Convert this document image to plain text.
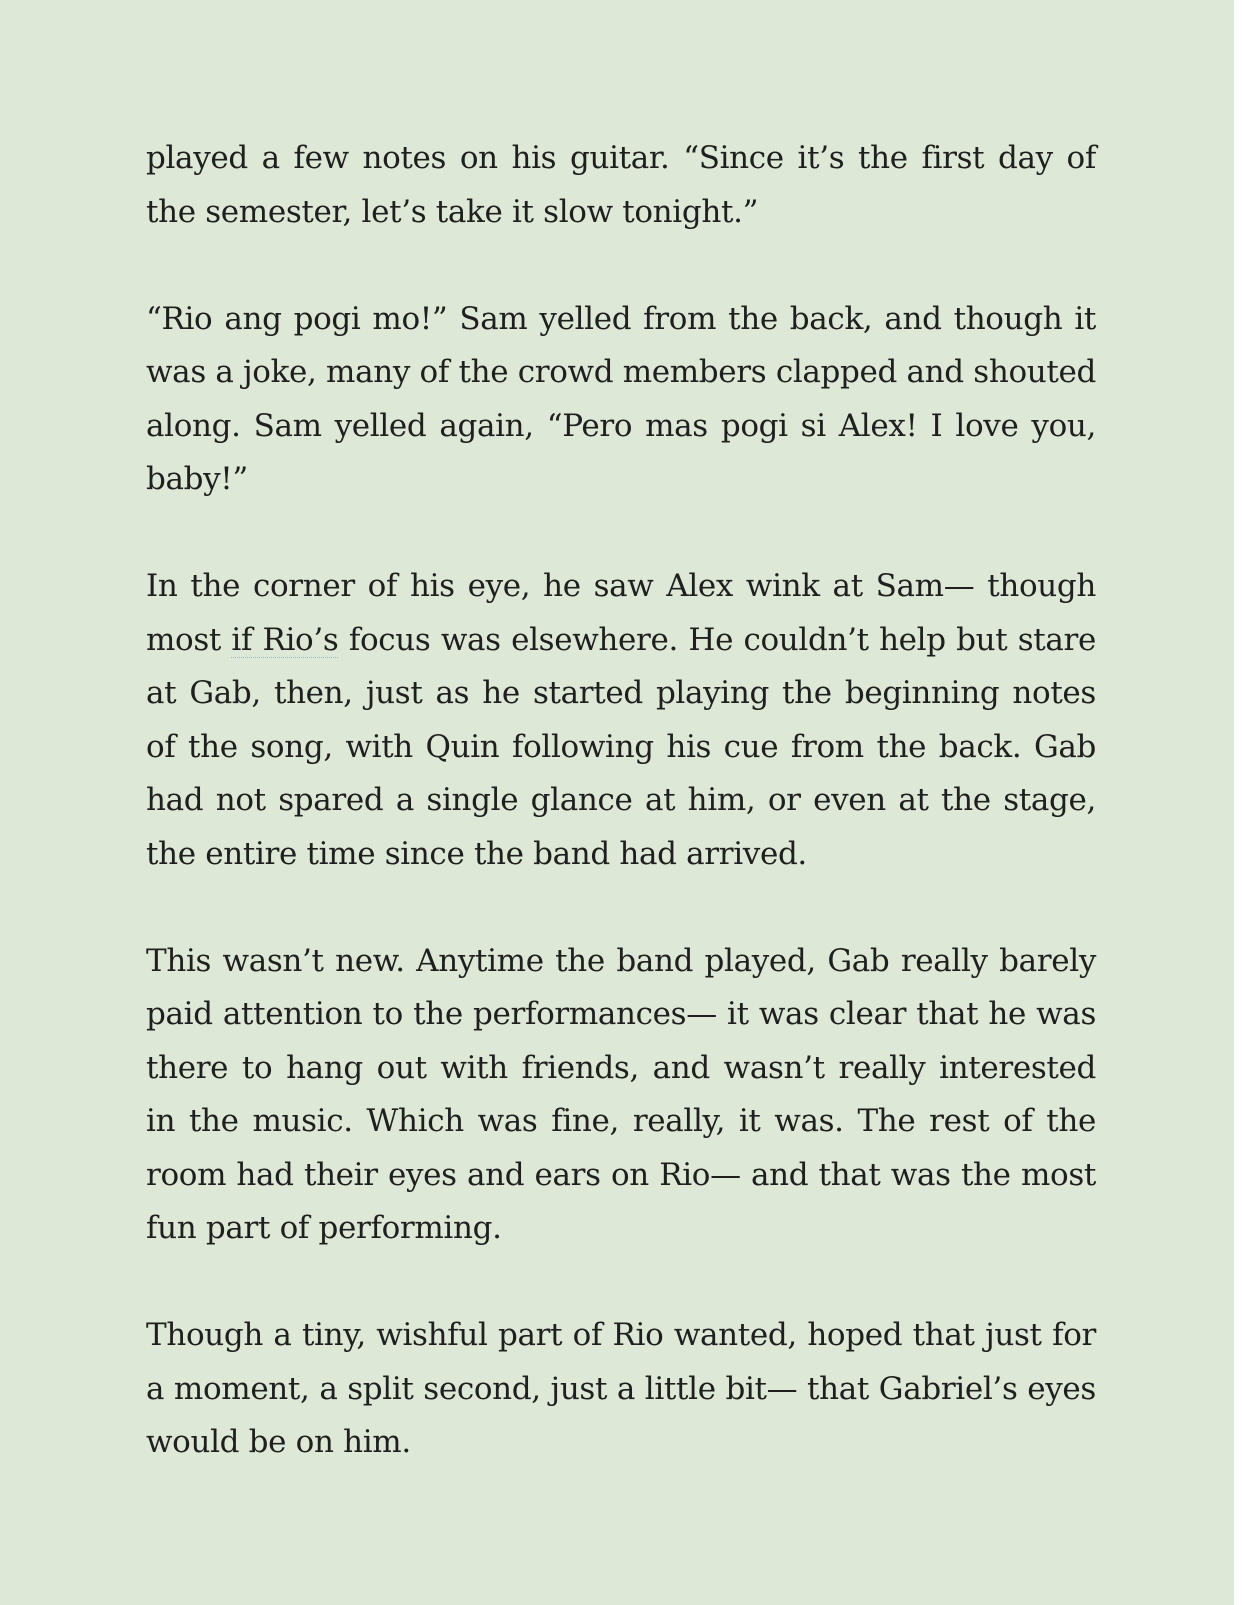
played a few notes on his guitar. “Since it’s the first day of the semester, let’s take it slow tonight.”

“Rio ang pogi mo!” Sam yelled from the back, and though it was a joke, many of the crowd members clapped and shouted along. Sam yelled again, “Pero mas pogi si Alex! I love you, baby!”

In the corner of his eye, he saw Alex wink at Sam— though most if Rio’s focus was elsewhere. He couldn’t help but stare at Gab, then, just as he started playing the beginning notes of the song, with Quin following his cue from the back. Gab had not spared a single glance at him, or even at the stage, the entire time since the band had arrived.

This wasn’t new. Anytime the band played, Gab really barely paid attention to the performances— it was clear that he was there to hang out with friends, and wasn’t really interested in the music. Which was fine, really, it was. The rest of the room had their eyes and ears on Rio— and that was the most fun part of performing.

Though a tiny, wishful part of Rio wanted, hoped that just for a moment, a split second, just a little bit— that Gabriel’s eyes would be on him.
